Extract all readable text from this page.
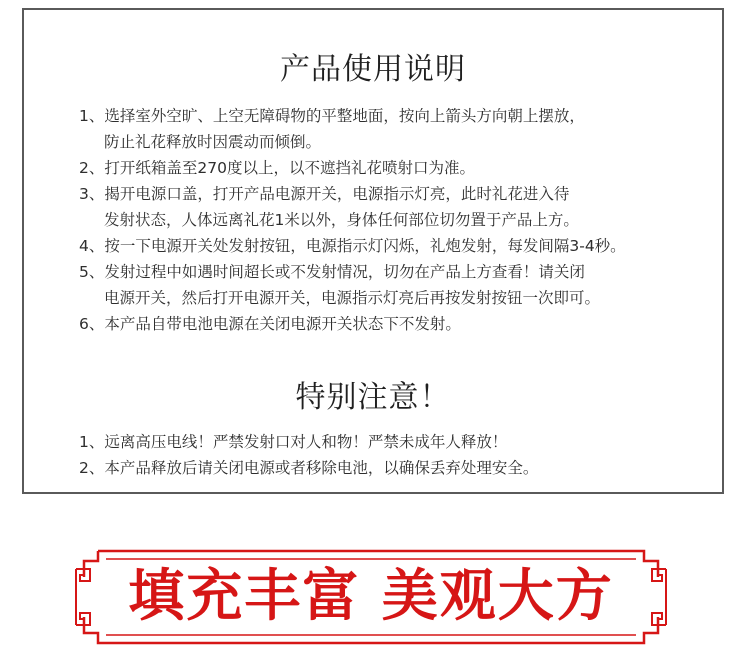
产品使用说明
1、选择室外空旷、上空无障碍物的平整地面，按向上箭头方向朝上摆放，
防止礼花释放时因震动而倾倒。
2、打开纸箱盖至270度以上，以不遮挡礼花喷射口为准。
3、揭开电源口盖，打开产品电源开关，电源指示灯亮，此时礼花进入待
发射状态，人体远离礼花1米以外，身体任何部位切勿置于产品上方。
4、按一下电源开关处发射按钮，电源指示灯闪烁，礼炮发射，每发间隔3-4秒。
5、发射过程中如遇时间超长或不发射情况，切勿在产品上方查看！请关闭
电源开关，然后打开电源开关，电源指示灯亮后再按发射按钮一次即可。
6、本产品自带电池电源在关闭电源开关状态下不发射。
特别注意！
1、远离高压电线！严禁发射口对人和物！严禁未成年人释放！
2、本产品释放后请关闭电源或者移除电池，以确保丢弃处理安全。
填充丰富 美观大方
